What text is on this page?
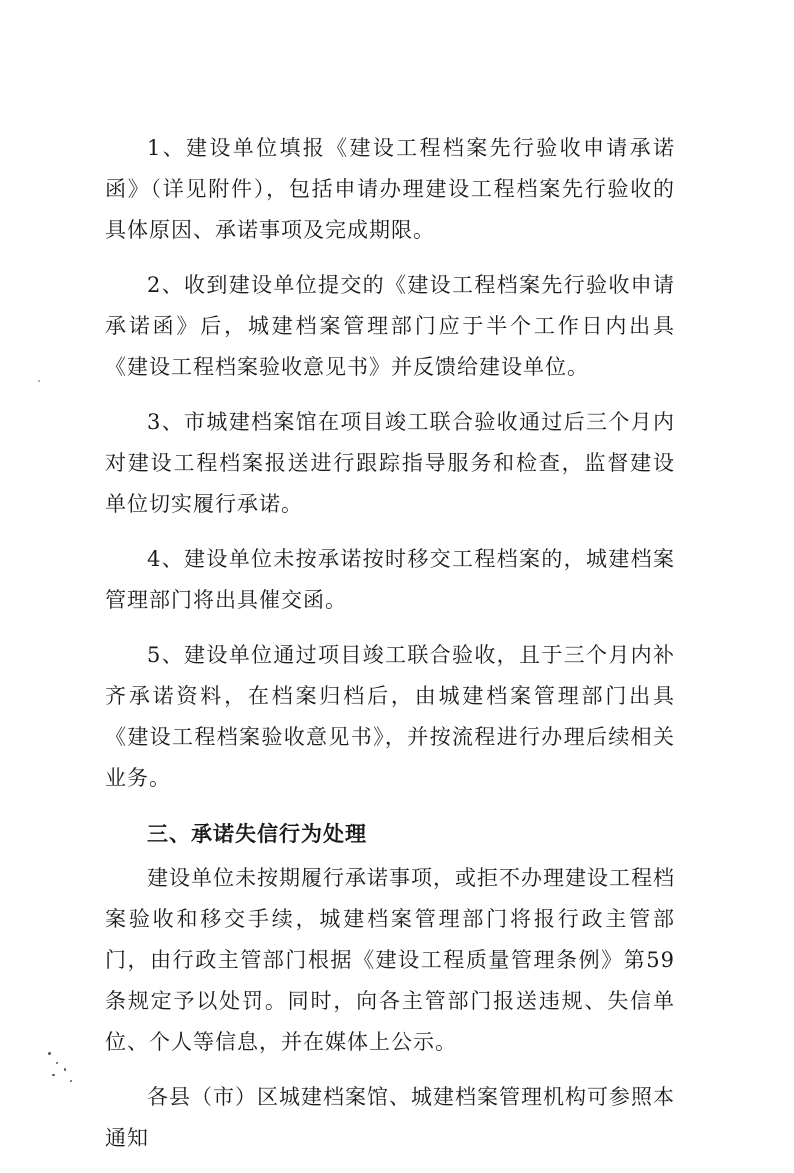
1、建设单位填报《建设工程档案先行验收申请承诺函》（详见附件），包括申请办理建设工程档案先行验收的具体原因、承诺事项及完成期限。

2、收到建设单位提交的《建设工程档案先行验收申请承诺函》后，城建档案管理部门应于半个工作日内出具《建设工程档案验收意见书》并反馈给建设单位。

3、市城建档案馆在项目竣工联合验收通过后三个月内对建设工程档案报送进行跟踪指导服务和检查，监督建设单位切实履行承诺。

4、建设单位未按承诺按时移交工程档案的，城建档案管理部门将出具催交函。

5、建设单位通过项目竣工联合验收，且于三个月内补齐承诺资料，在档案归档后，由城建档案管理部门出具《建设工程档案验收意见书》，并按流程进行办理后续相关业务。

三、承诺失信行为处理

建设单位未按期履行承诺事项，或拒不办理建设工程档案验收和移交手续，城建档案管理部门将报行政主管部门，由行政主管部门根据《建设工程质量管理条例》第59条规定予以处罚。同时，向各主管部门报送违规、失信单位、个人等信息，并在媒体上公示。

各县（市）区城建档案馆、城建档案管理机构可参照本通知
